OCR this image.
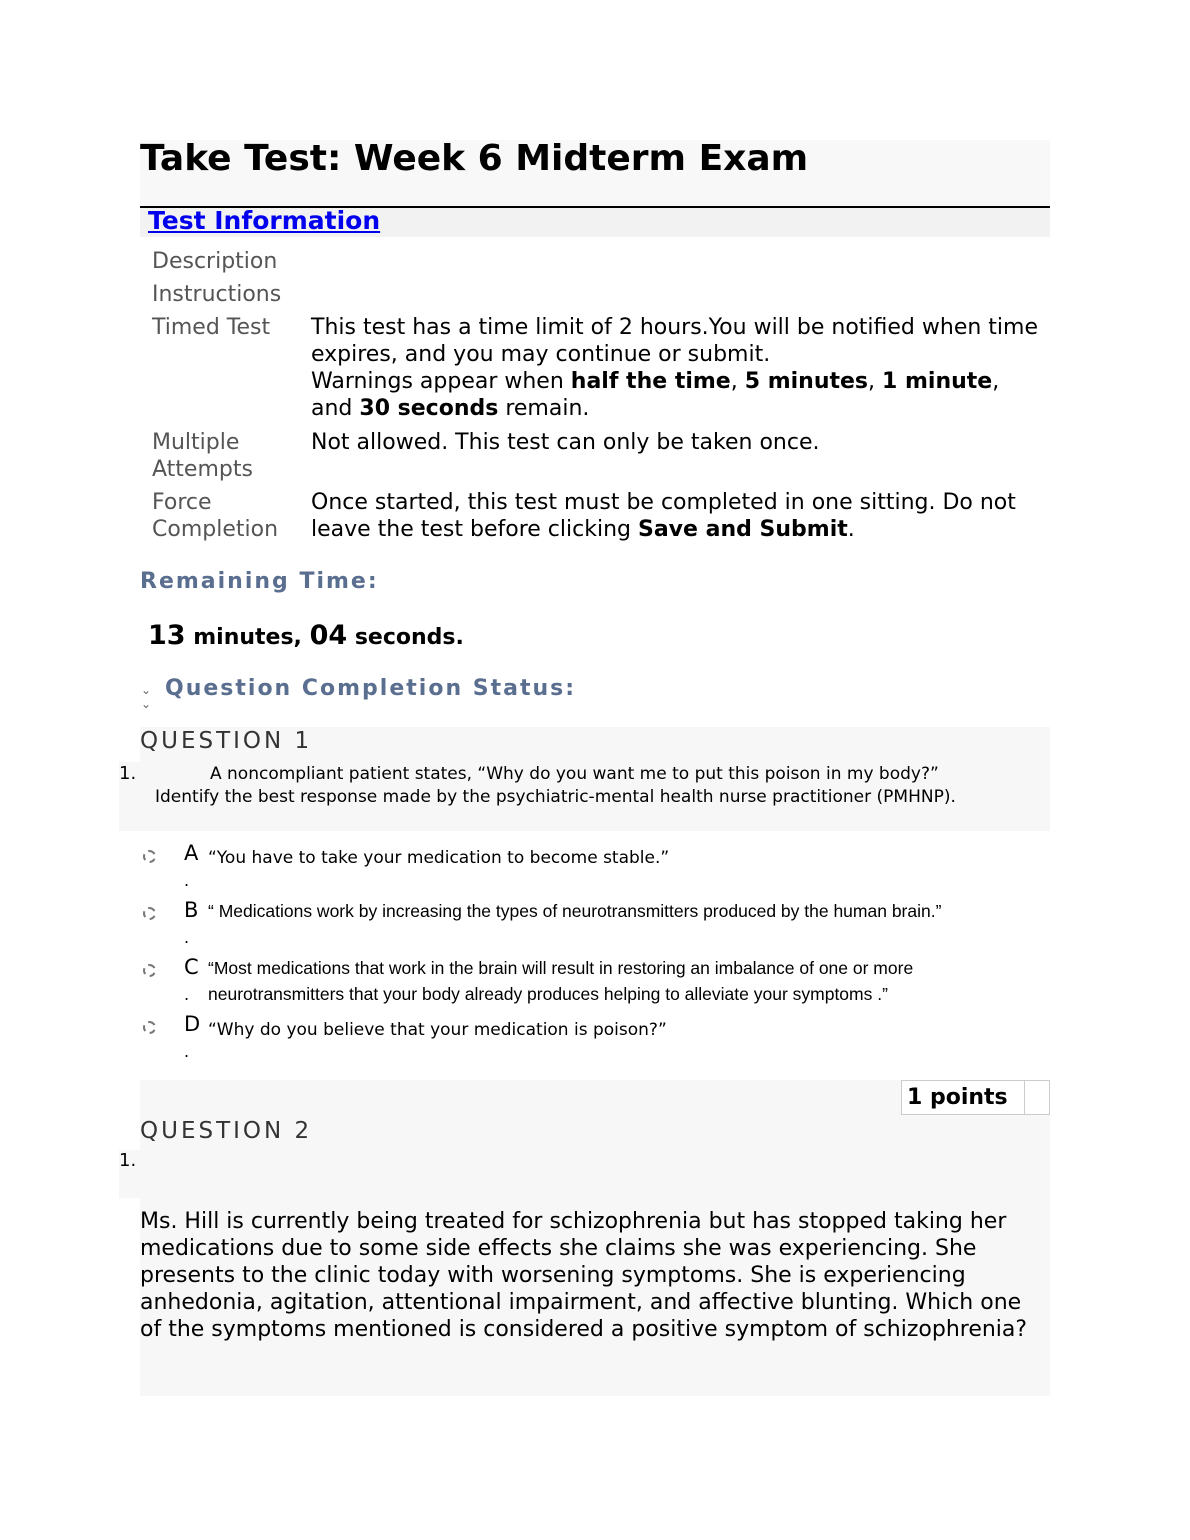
Take Test: Week 6 Midterm Exam
Test Information
Description
Instructions
Timed Test This test has a time limit of 2 hours.You will be notified when time expires, and you may continue or submit.
Warnings appear when half the time, 5 minutes, 1 minute, and 30 seconds remain.
Multiple
Attempts
Not allowed. This test can only be taken once.
Force
Completion
Once started, this test must be completed in one sitting. Do not leave the test before clicking Save and Submit.
Remaining Time:
13 minutes, 04 seconds.
⌄
⌄
Question Completion Status:
QUESTION 1
1.	A noncompliant patient states, “Why do you want me to put this poison in my body?”
Identify the best response made by the psychiatric-mental health nurse practitioner (PMHNP).
A
.
“You have to take your medication to become stable.”
B
.
“ Medications work by increasing the types of neurotransmitters produced by the human brain.”
C
.
“Most medications that work in the brain will result in restoring an imbalance of one or more
neurotransmitters that your body already produces helping to alleviate your symptoms .”
D
.
“Why do you believe that your medication is poison?”
1 points
QUESTION 2
1.
Ms. Hill is currently being treated for schizophrenia but has stopped taking her medications due to some side effects she claims she was experiencing. She presents to the clinic today with worsening symptoms. She is experiencing anhedonia, agitation, attentional impairment, and affective blunting. Which one of the symptoms mentioned is considered a positive symptom of schizophrenia?
